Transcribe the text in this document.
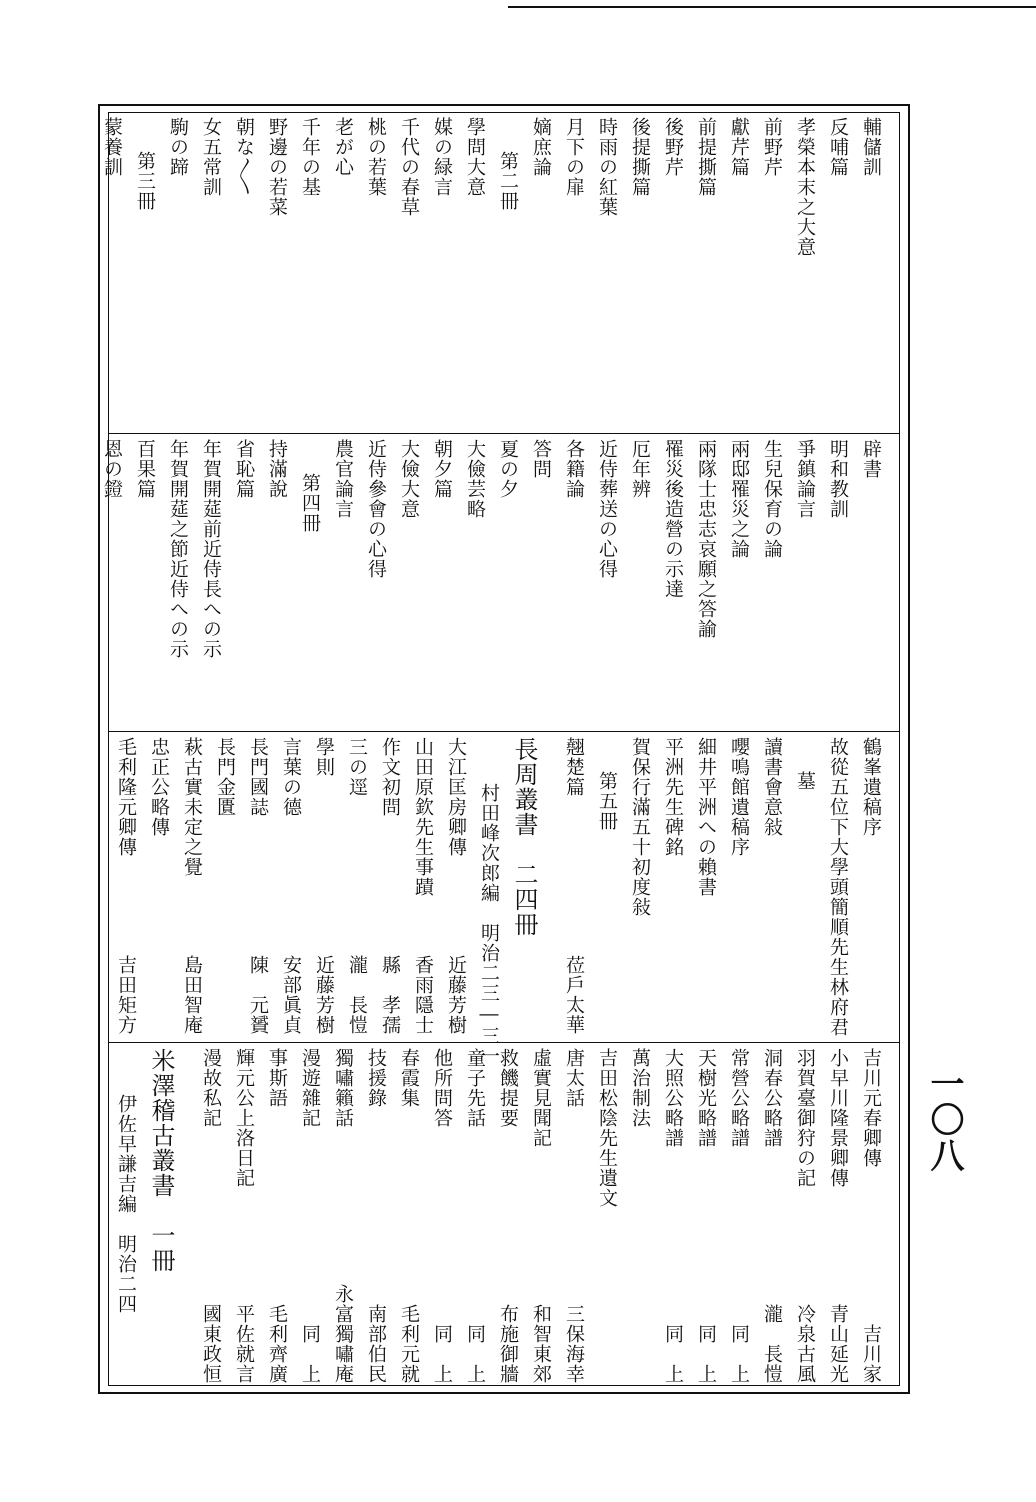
一〇八
輔儲訓
反哺篇
孝榮本末之大意
前野芹
獻芹篇
前提撕篇
後野芹
後提撕篇
時雨の紅葉
月下の扉
嫡庶論
第二冊
學問大意
媒の緑言
千代の春草
桃の若葉
老が心
千年の基
野邊の若菜
朝な〳〵
女五常訓
駒の蹄
第三冊
蒙養訓
辟書
明和教訓
爭鎮論言
生兒保育の論
兩邸罹災之論
兩隊士忠志哀願之答諭
罹災後造營の示達
厄年辨
近侍葬送の心得
各籍論
答問
夏の夕
大儉芸略
朝夕篇
大儉大意
近侍參會の心得
農官論言
第四冊
持滿說
省恥篇
年賀開莚前近侍長への示
年賀開莚之節近侍への示
百果篇
恩の鐙
鶴峯遺稿序
故從五位下大學頭簡順先生林府君
墓
讀書會意敍
嚶鳴館遺稿序
細井平洲への賴書
平洲先生碑銘
賀保行滿五十初度敍
第五冊
翹楚篇
莅戶太華
長周叢書　二四冊
村田峰次郎編　明治二三―三一
大江匡房卿傳
近藤芳樹
山田原欽先生事蹟
香雨隱士
作文初問
縣　孝孺
三の逕
瀧　長愷
學則
近藤芳樹
言葉の德
安部眞貞
長門國誌
陳　元贇
長門金匱
萩古實未定之覺
島田智庵
忠正公略傳
毛利隆元卿傳
吉田矩方
吉川元春卿傳
吉川家
小早川隆景卿傳
青山延光
羽賀臺御狩の記
冷泉古風
洞春公略譜
瀧　長愷
常營公略譜
同　上
天樹光略譜
同　上
大照公略譜
同　上
萬治制法
吉田松陰先生遺文
唐太話
三保海幸
虛實見聞記
和智東郊
救饑提要
布施御牆
童子先話
同　上
他所問答
同　上
春霞集
毛利元就
技援錄
南部伯民
獨嘯籟話
永富獨嘯庵
漫遊雜記
同　上
事斯語
毛利齊廣
輝元公上洛日記
平佐就言
漫故私記
國東政恒
米澤稽古叢書　一冊
伊佐早謙吉編　明治二四
